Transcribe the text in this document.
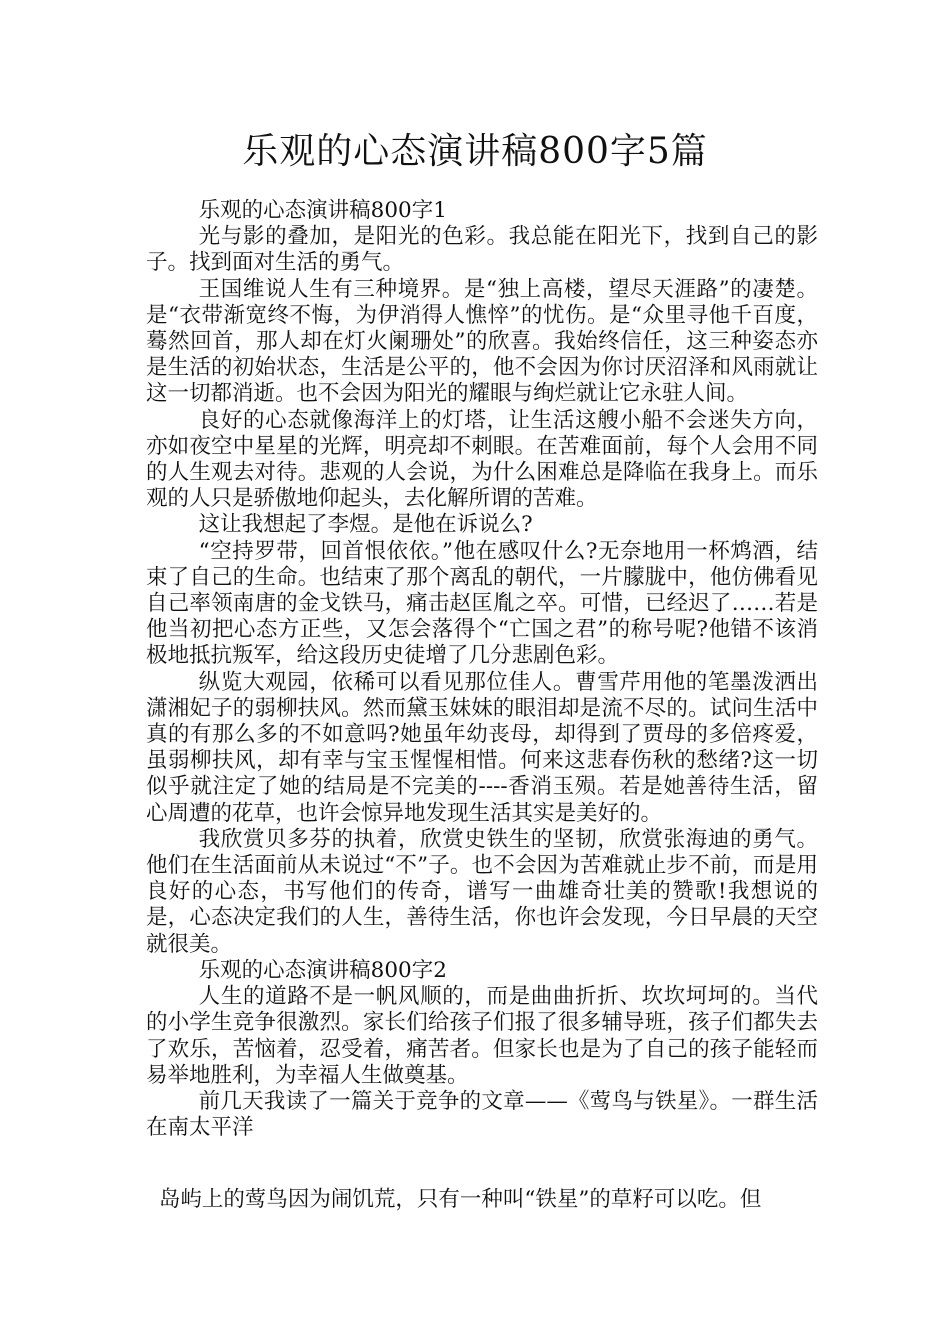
乐观的心态演讲稿800字5篇

乐观的心态演讲稿800字1

光与影的叠加，是阳光的色彩。我总能在阳光下，找到自己的影子。找到面对生活的勇气。

王国维说人生有三种境界。是“独上高楼，望尽天涯路”的凄楚。是“衣带渐宽终不悔，为伊消得人憔悴”的忧伤。是“众里寻他千百度，蓦然回首，那人却在灯火阑珊处”的欣喜。我始终信任，这三种姿态亦是生活的初始状态，生活是公平的，他不会因为你讨厌沼泽和风雨就让这一切都消逝。也不会因为阳光的耀眼与绚烂就让它永驻人间。

良好的心态就像海洋上的灯塔，让生活这艘小船不会迷失方向，亦如夜空中星星的光辉，明亮却不刺眼。在苦难面前，每个人会用不同的人生观去对待。悲观的人会说，为什么困难总是降临在我身上。而乐观的人只是骄傲地仰起头，去化解所谓的苦难。

这让我想起了李煜。是他在诉说么?

“空持罗带，回首恨依依。”他在感叹什么?无奈地用一杯鸩酒，结束了自己的生命。也结束了那个离乱的朝代，一片朦胧中，他仿佛看见自己率领南唐的金戈铁马，痛击赵匡胤之卒。可惜，已经迟了……若是他当初把心态方正些，又怎会落得个“亡国之君”的称号呢?他错不该消极地抵抗叛军，给这段历史徒增了几分悲剧色彩。

纵览大观园，依稀可以看见那位佳人。曹雪芹用他的笔墨泼洒出潇湘妃子的弱柳扶风。然而黛玉妹妹的眼泪却是流不尽的。试问生活中真的有那么多的不如意吗?她虽年幼丧母，却得到了贾母的多倍疼爱，虽弱柳扶风，却有幸与宝玉惺惺相惜。何来这悲春伤秋的愁绪?这一切似乎就注定了她的结局是不完美的----香消玉殒。若是她善待生活，留心周遭的花草，也许会惊异地发现生活其实是美好的。

我欣赏贝多芬的执着，欣赏史铁生的坚韧，欣赏张海迪的勇气。他们在生活面前从未说过“不”子。也不会因为苦难就止步不前，而是用良好的心态，书写他们的传奇，谱写一曲雄奇壮美的赞歌!我想说的是，心态决定我们的人生，善待生活，你也许会发现，今日早晨的天空就很美。

乐观的心态演讲稿800字2

人生的道路不是一帆风顺的，而是曲曲折折、坎坎坷坷的。当代的小学生竞争很激烈。家长们给孩子们报了很多辅导班，孩子们都失去了欢乐，苦恼着，忍受着，痛苦者。但家长也是为了自己的孩子能轻而易举地胜利，为幸福人生做奠基。

前几天我读了一篇关于竞争的文章——《莺鸟与铁星》。一群生活在南太平洋

岛屿上的莺鸟因为闹饥荒，只有一种叫“铁星”的草籽可以吃。但
